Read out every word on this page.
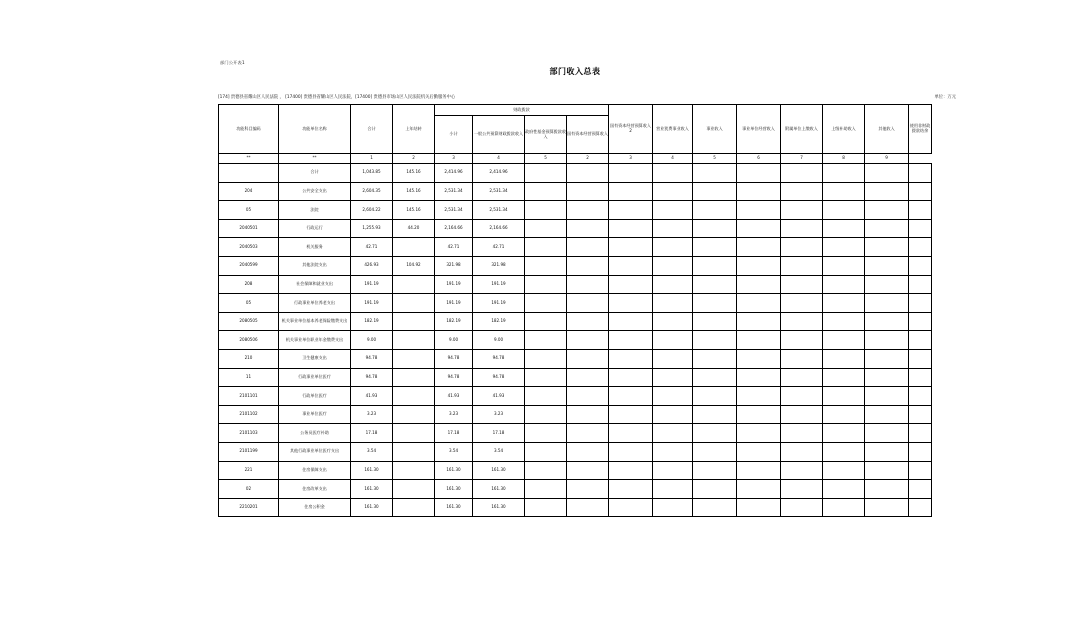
部门公开表1
部门收入总表
[174] 贵德县省耀山区人民法院 ， [17400] 贵德县省耀山区人民法院，[17400] 贵德县市场山区人民法院机关后勤服务中心	单位：万元
功能科目编码	功能单位名称	合计	上年结转	财政拨款				国有资本经营预算收入2	营业犹费事业收入	事业收入	事业单位经营收入	附属单位上缴收入	上级补助收入	其他收入	使用非财政拨款结余
				小计	一般公共预算财政拨款收入	政府性基金预算拨款收入	国有资本经营预算收入								
**	**	1	2	3	4	5	2	3	4	5	6	7	8	9	
	合计	1,043.85	145.16	2,414.96	2,414.96										
204	公共安全支出	2,604.35	145.16	2,531.34	2,531.34										
05	法院	2,604.22	145.16	2,531.34	2,531.34										
2040501	行政运行	1,255.93	44.20	2,164.66	2,164.66										
2040503	机关服务	42.71		42.71	42.71										
2040599	其他法院支出	426.93	104.92	321.98	321.98										
208	社会保障和就业支出	191.19		191.19	191.19										
05	行政事业单位养老支出	191.19		191.19	191.19										
2080505	机关事业单位基本养老保险缴费支出	182.19		182.19	182.19										
2080506	机关事业单位职业年金缴费支出	9.00		9.00	9.00										
210	卫生健康支出	94.78		94.78	94.78										
11	行政事业单位医疗	94.78		94.78	94.78										
2101101	行政单位医疗	41.93		41.93	41.93										
2101102	事业单位医疗	3.23		3.23	3.23										
2101103	公务员医疗补助	17.18		17.18	17.18										
2101199	其他行政事业单位医疗支出	3.54		3.54	3.54										
221	住房保障支出	161.30		161.30	161.30										
02	住房改革支出	161.30		161.30	161.30										
2210201	住房公积金	161.30		161.30	161.30										
